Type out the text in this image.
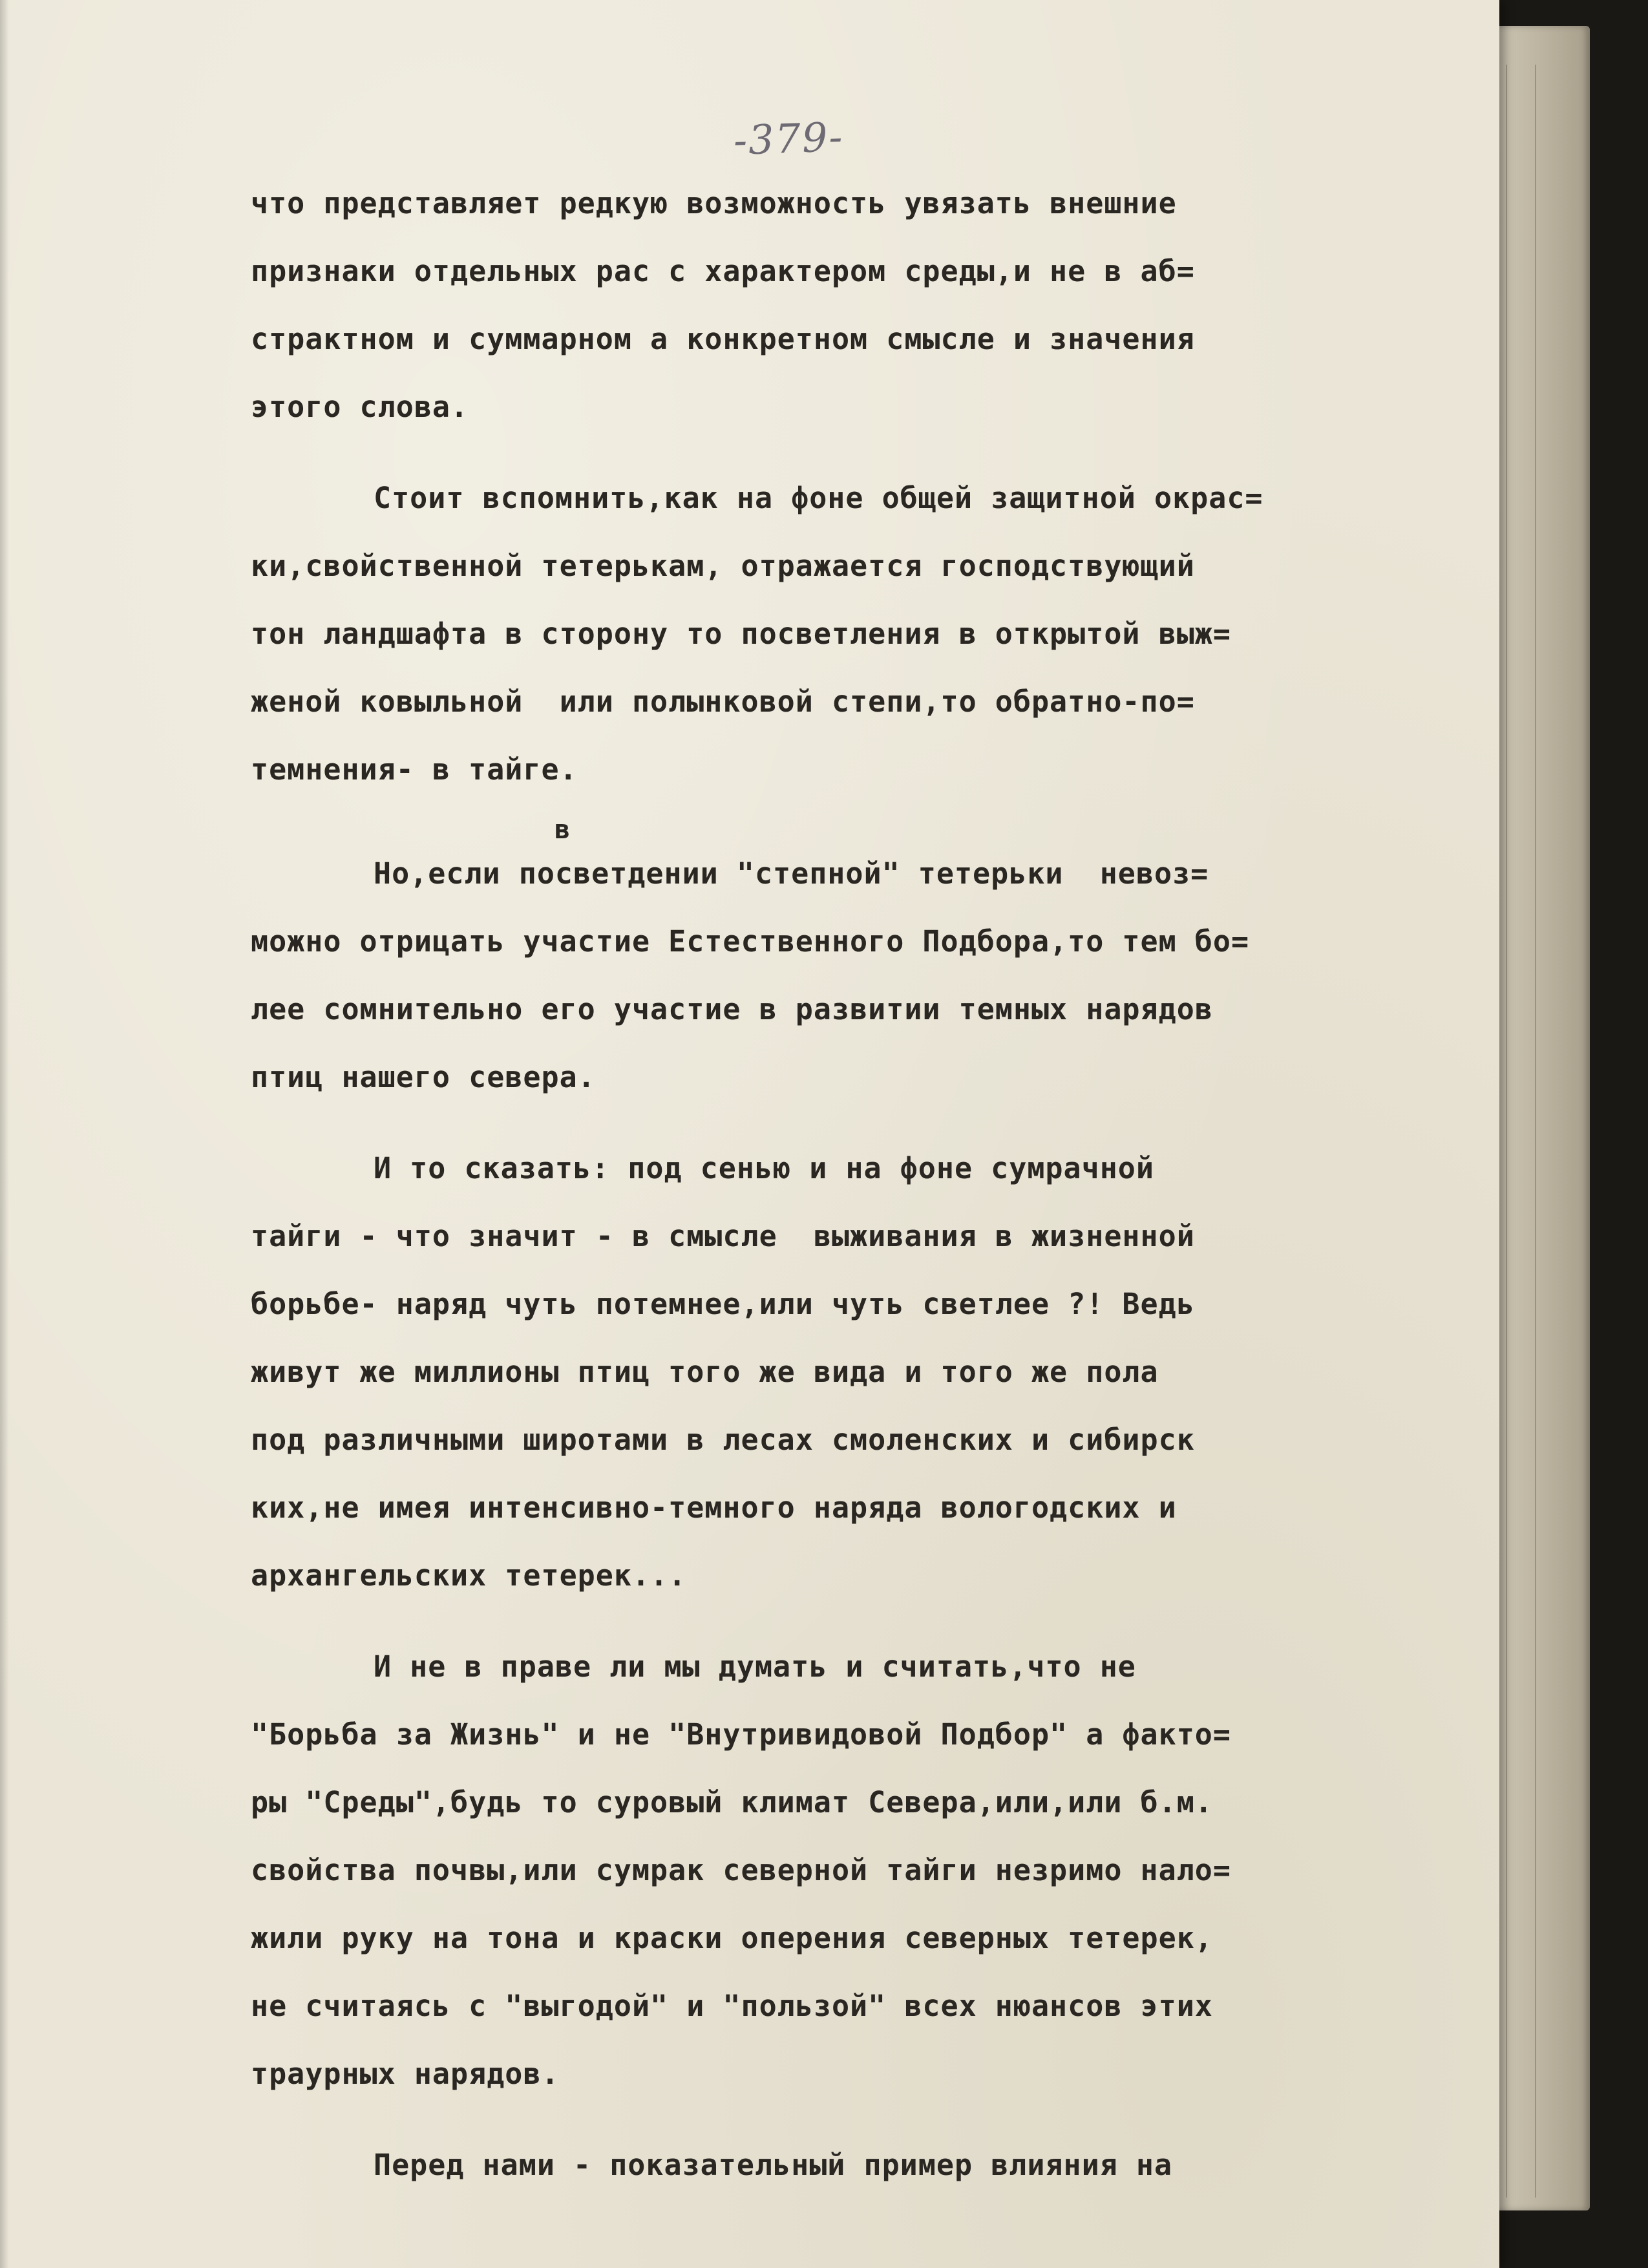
-379-
что представляет редкую возможность увязать внешние
признаки отдельных рас с характером среды,и не в аб=
страктном и суммарном а конкретном смысле и значения
этого слова.
Стоит вспомнить,как на фоне общей защитной окрас=
ки,свойственной тетерькам, отражается господствующий
тон ландшафта в сторону то посветления в открытой выж=
женой ковыльной  или полынковой степи,то обратно-по=
темнения- в тайге.
в
Но,если посветдении "степной" тетерьки  невоз=
можно отрицать участие Естественного Подбора,то тем бо=
лее сомнительно его участие в развитии темных нарядов
птиц нашего севера.
И то сказать: под сенью и на фоне сумрачной
тайги - что значит - в смысле  выживания в жизненной
борьбе- наряд чуть потемнее,или чуть светлее ?! Ведь
живут же миллионы птиц того же вида и того же пола
под различными широтами в лесах смоленских и сибирск
ких,не имея интенсивно-темного наряда вологодских и
архангельских тетерек...
И не в праве ли мы думать и считать,что не
"Борьба за Жизнь" и не "Внутривидовой Подбор" а факто=
ры "Среды",будь то суровый климат Севера,или,или б.м.
свойства почвы,или сумрак северной тайги незримо нало=
жили руку на тона и краски оперения северных тетерек,
не считаясь с "выгодой" и "пользой" всех нюансов этих
траурных нарядов.
Перед нами - показательный пример влияния на
